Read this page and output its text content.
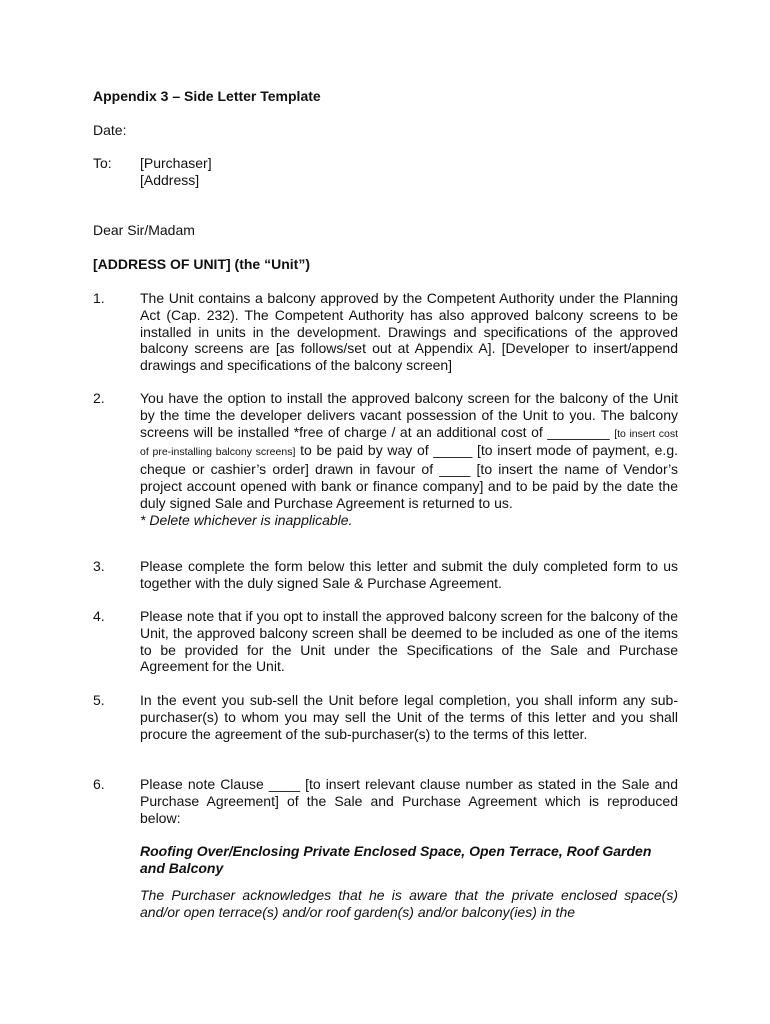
Appendix 3 – Side Letter Template
Date:
To: [Purchaser]
[Address]
Dear Sir/Madam
[ADDRESS OF UNIT] (the “Unit”)
1.	The Unit contains a balcony approved by the Competent Authority under the Planning Act (Cap. 232). The Competent Authority has also approved balcony screens to be installed in units in the development. Drawings and specifications of the approved balcony screens are [as follows/set out at Appendix A]. [Developer to insert/append drawings and specifications of the balcony screen]
2.	You have the option to install the approved balcony screen for the balcony of the Unit by the time the developer delivers vacant possession of the Unit to you. The balcony screens will be installed *free of charge / at an additional cost of ________ [to insert cost of pre-installing balcony screens] to be paid by way of _____ [to insert mode of payment, e.g. cheque or cashier’s order] drawn in favour of ____ [to insert the name of Vendor’s project account opened with bank or finance company] and to be paid by the date the duly signed Sale and Purchase Agreement is returned to us.
* Delete whichever is inapplicable.
3.	Please complete the form below this letter and submit the duly completed form to us together with the duly signed Sale & Purchase Agreement.
4.	Please note that if you opt to install the approved balcony screen for the balcony of the Unit, the approved balcony screen shall be deemed to be included as one of the items to be provided for the Unit under the Specifications of the Sale and Purchase Agreement for the Unit.
5.	In the event you sub-sell the Unit before legal completion, you shall inform any sub-purchaser(s) to whom you may sell the Unit of the terms of this letter and you shall procure the agreement of the sub-purchaser(s) to the terms of this letter.
6.	Please note Clause ____ [to insert relevant clause number as stated in the Sale and Purchase Agreement] of the Sale and Purchase Agreement which is reproduced below:
Roofing Over/Enclosing Private Enclosed Space, Open Terrace, Roof Garden and Balcony
The Purchaser acknowledges that he is aware that the private enclosed space(s) and/or open terrace(s) and/or roof garden(s) and/or balcony(ies) in the
